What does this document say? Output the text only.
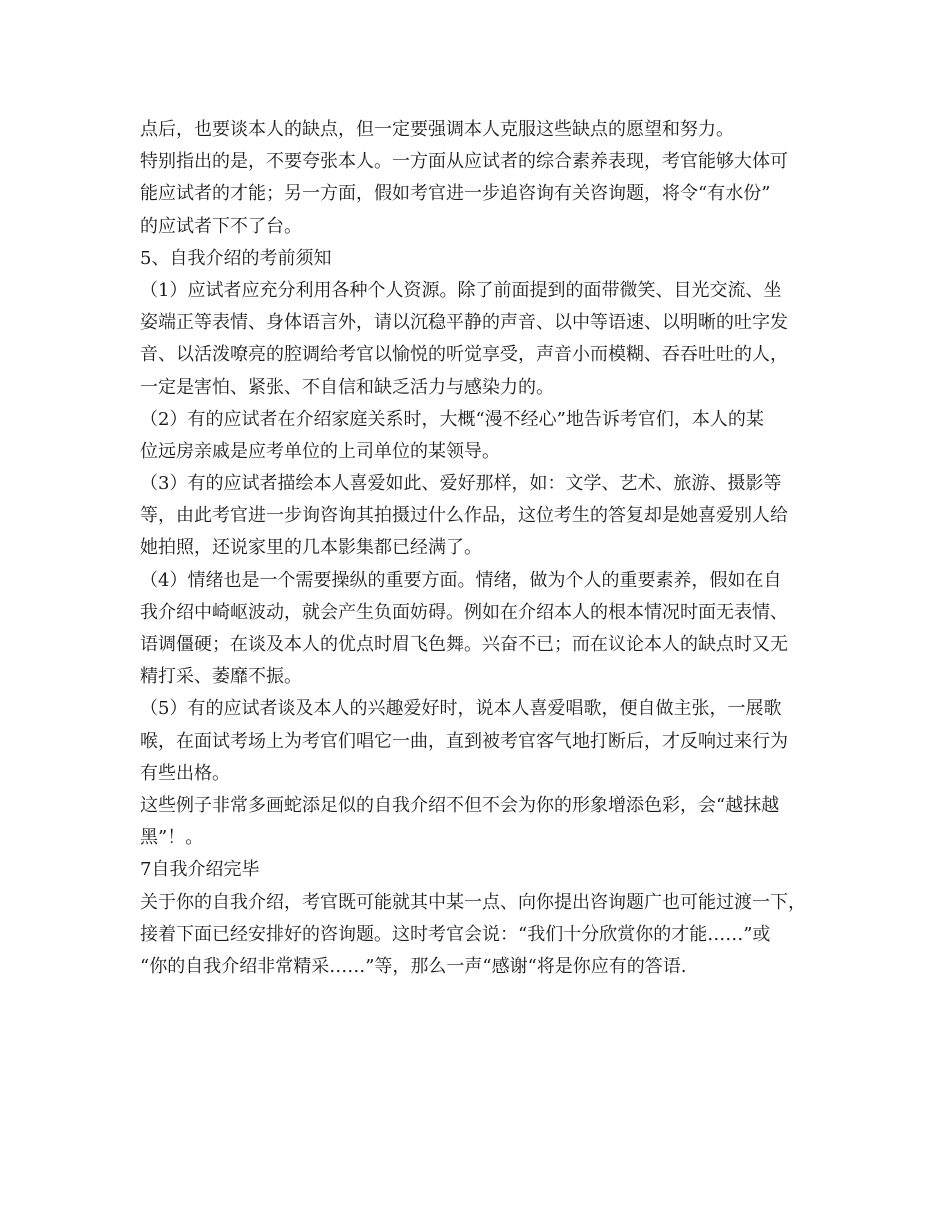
点后，也要谈本人的缺点，但一定要强调本人克服这些缺点的愿望和努力。
特别指出的是，不要夸张本人。一方面从应试者的综合素养表现，考官能够大体可
能应试者的才能；另一方面，假如考官进一步追咨询有关咨询题，将令“有水份”
的应试者下不了台。
5、自我介绍的考前须知
（1）应试者应充分利用各种个人资源。除了前面提到的面带微笑、目光交流、坐
姿端正等表情、身体语言外，请以沉稳平静的声音、以中等语速、以明晰的吐字发
音、以活泼嘹亮的腔调给考官以愉悦的听觉享受，声音小而模糊、吞吞吐吐的人，
一定是害怕、紧张、不自信和缺乏活力与感染力的。
（2）有的应试者在介绍家庭关系时，大概“漫不经心”地告诉考官们，本人的某
位远房亲戚是应考单位的上司单位的某领导。
（3）有的应试者描绘本人喜爱如此、爱好那样，如：文学、艺术、旅游、摄影等
等，由此考官进一步询咨询其拍摄过什么作品，这位考生的答复却是她喜爱别人给
她拍照，还说家里的几本影集都已经满了。
（4）情绪也是一个需要操纵的重要方面。情绪，做为个人的重要素养，假如在自
我介绍中崎岖波动，就会产生负面妨碍。例如在介绍本人的根本情况时面无表情、
语调僵硬；在谈及本人的优点时眉飞色舞。兴奋不已；而在议论本人的缺点时又无
精打采、萎靡不振。
（5）有的应试者谈及本人的兴趣爱好时，说本人喜爱唱歌，便自做主张，一展歌
喉，在面试考场上为考官们唱它一曲，直到被考官客气地打断后，才反响过来行为
有些出格。
这些例子非常多画蛇添足似的自我介绍不但不会为你的形象增添色彩，会“越抹越
黑”！。
7自我介绍完毕
关于你的自我介绍，考官既可能就其中某一点、向你提出咨询题广也可能过渡一下，
接着下面已经安排好的咨询题。这时考官会说：“我们十分欣赏你的才能……”或
“你的自我介绍非常精采……”等，那么一声“感谢“将是你应有的答语.
